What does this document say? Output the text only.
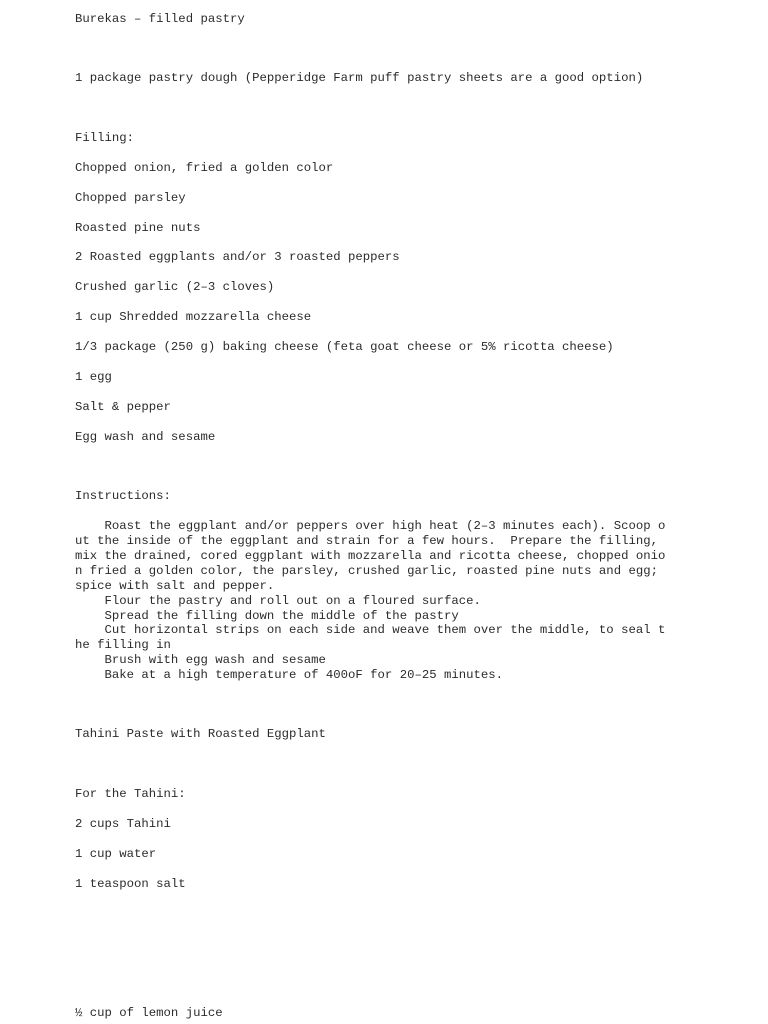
Burekas – filled pastry
1 package pastry dough (Pepperidge Farm puff pastry sheets are a good option)
Filling:
Chopped onion, fried a golden color
Chopped parsley
Roasted pine nuts
2 Roasted eggplants and/or 3 roasted peppers
Crushed garlic (2–3 cloves)
1 cup Shredded mozzarella cheese
1/3 package (250 g) baking cheese (feta goat cheese or 5% ricotta cheese)
1 egg
Salt & pepper
Egg wash and sesame
Instructions:
Roast the eggplant and/or peppers over high heat (2–3 minutes each). Scoop o
ut the inside of the eggplant and strain for a few hours.  Prepare the filling,
mix the drained, cored eggplant with mozzarella and ricotta cheese, chopped onio
n fried a golden color, the parsley, crushed garlic, roasted pine nuts and egg;
spice with salt and pepper.
Flour the pastry and roll out on a floured surface.
Spread the filling down the middle of the pastry
Cut horizontal strips on each side and weave them over the middle, to seal t
he filling in
Brush with egg wash and sesame
Bake at a high temperature of 400oF for 20–25 minutes.
Tahini Paste with Roasted Eggplant
For the Tahini:
2 cups Tahini
1 cup water
1 teaspoon salt
½ cup of lemon juice
